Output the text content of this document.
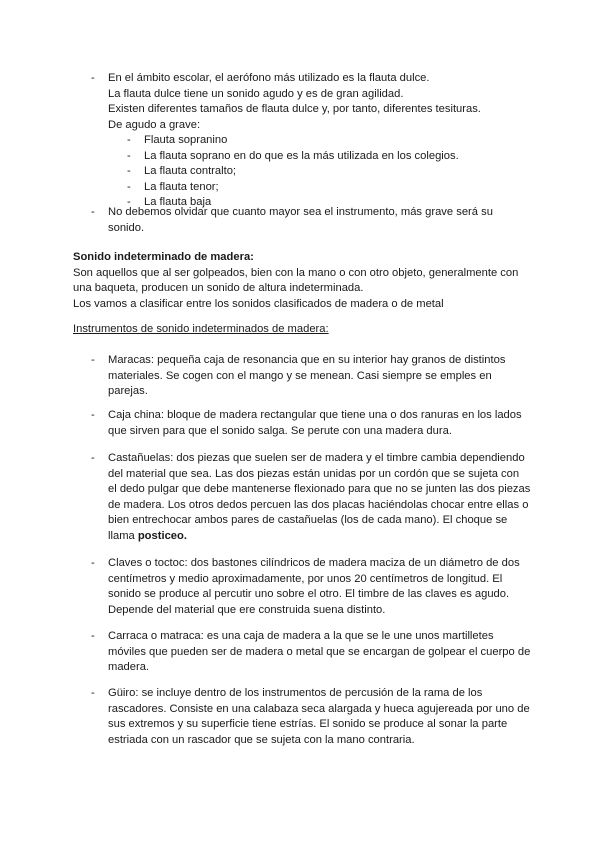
- En el ámbito escolar, el aerófono más utilizado es la flauta dulce.
La flauta dulce tiene un sonido agudo y es de gran agilidad.
Existen diferentes tamaños de flauta dulce y, por tanto, diferentes tesituras.
De agudo a grave:
- Flauta sopranino
- La flauta soprano en do que es la más utilizada en los colegios.
- La flauta contralto;
- La flauta tenor;
- La flauta baja
- No debemos olvidar que cuanto mayor sea el instrumento, más grave será su
sonido.
Sonido indeterminado de madera:
Son aquellos que al ser golpeados, bien con la mano o con otro objeto, generalmente con
una baqueta, producen un sonido de altura indeterminada.
Los vamos a clasificar entre los sonidos clasificados de madera o de metal
Instrumentos de sonido indeterminados de madera:
- Maracas: pequeña caja de resonancia que en su interior hay granos de distintos
materiales. Se cogen con el mango y se menean. Casi siempre se emples en
parejas.
- Caja china: bloque de madera rectangular que tiene una o dos ranuras en los lados
que sirven para que el sonido salga. Se perute con una madera dura.
- Castañuelas: dos piezas que suelen ser de madera y el timbre cambia dependiendo
del material que sea. Las dos piezas están unidas por un cordón que se sujeta con
el dedo pulgar que debe mantenerse flexionado para que no se junten las dos piezas
de madera. Los otros dedos percuen las dos placas haciéndolas chocar entre ellas o
bien entrechocar ambos pares de castañuelas (los de cada mano). El choque se
llama posticeo.
- Claves o toctoc: dos bastones cilíndricos de madera maciza de un diámetro de dos
centímetros y medio aproximadamente, por unos 20 centímetros de longitud. El
sonido se produce al percutir uno sobre el otro. El timbre de las claves es agudo.
Depende del material que ere construida suena distinto.
- Carraca o matraca: es una caja de madera a la que se le une unos martilletes
móviles que pueden ser de madera o metal que se encargan de golpear el cuerpo de
madera.
- Güiro: se incluye dentro de los instrumentos de percusión de la rama de los
rascadores. Consiste en una calabaza seca alargada y hueca agujereada por uno de
sus extremos y su superficie tiene estrías. El sonido se produce al sonar la parte
estriada con un rascador que se sujeta con la mano contraria.
